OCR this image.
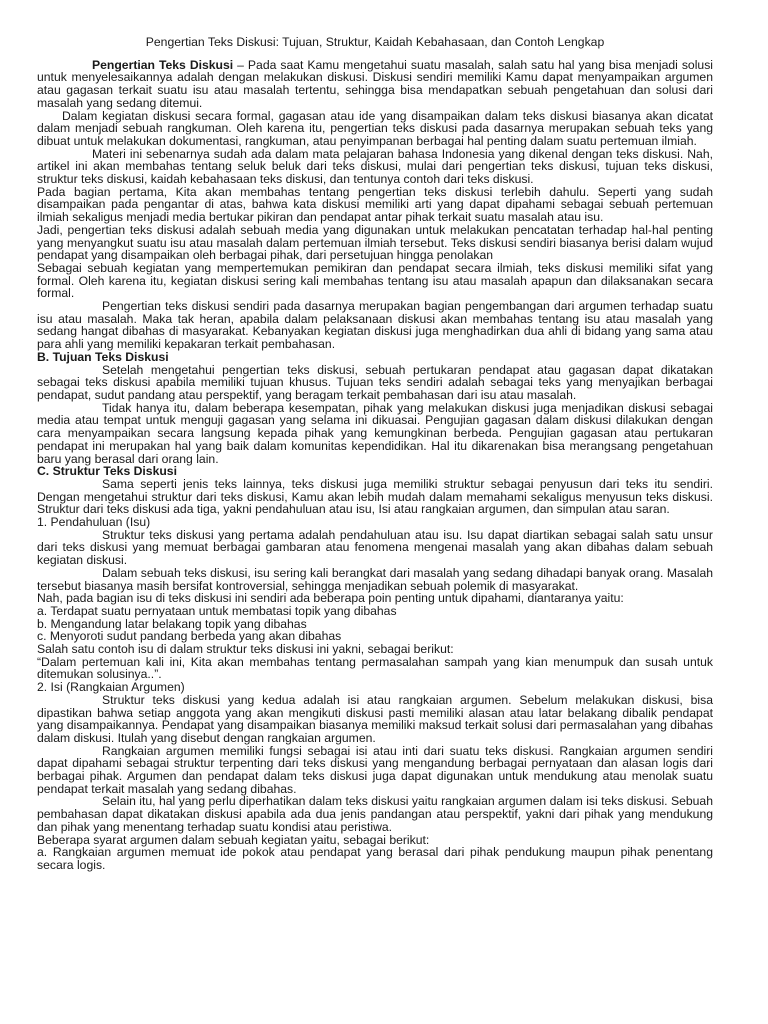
Pengertian Teks Diskusi: Tujuan, Struktur, Kaidah Kebahasaan, dan Contoh Lengkap

Pengertian Teks Diskusi – Pada saat Kamu mengetahui suatu masalah, salah satu hal yang bisa menjadi solusi untuk menyelesaikannya adalah dengan melakukan diskusi. Diskusi sendiri memiliki Kamu dapat menyampaikan argumen atau gagasan terkait suatu isu atau masalah tertentu, sehingga bisa mendapatkan sebuah pengetahuan dan solusi dari masalah yang sedang ditemui.

Dalam kegiatan diskusi secara formal, gagasan atau ide yang disampaikan dalam teks diskusi biasanya akan dicatat dalam menjadi sebuah rangkuman. Oleh karena itu, pengertian teks diskusi pada dasarnya merupakan sebuah teks yang dibuat untuk melakukan dokumentasi, rangkuman, atau penyimpanan berbagai hal penting dalam suatu pertemuan ilmiah.

Materi ini sebenarnya sudah ada dalam mata pelajaran bahasa Indonesia yang dikenal dengan teks diskusi. Nah, artikel ini akan membahas tentang seluk beluk dari teks diskusi, mulai dari pengertian teks diskusi, tujuan teks diskusi, struktur teks diskusi, kaidah kebahasaan teks diskusi, dan tentunya contoh dari teks diskusi.

Pada bagian pertama, Kita akan membahas tentang pengertian teks diskusi terlebih dahulu. Seperti yang sudah disampaikan pada pengantar di atas, bahwa kata diskusi memiliki arti yang dapat dipahami sebagai sebuah pertemuan ilmiah sekaligus menjadi media bertukar pikiran dan pendapat antar pihak terkait suatu masalah atau isu.

Jadi, pengertian teks diskusi adalah sebuah media yang digunakan untuk melakukan pencatatan terhadap hal-hal penting yang menyangkut suatu isu atau masalah dalam pertemuan ilmiah tersebut. Teks diskusi sendiri biasanya berisi dalam wujud pendapat yang disampaikan oleh berbagai pihak, dari persetujuan hingga penolakan

Sebagai sebuah kegiatan yang mempertemukan pemikiran dan pendapat secara ilmiah, teks diskusi memiliki sifat yang formal. Oleh karena itu, kegiatan diskusi sering kali membahas tentang isu atau masalah apapun dan dilaksanakan secara formal.

Pengertian teks diskusi sendiri pada dasarnya merupakan bagian pengembangan dari argumen terhadap suatu isu atau masalah. Maka tak heran, apabila dalam pelaksanaan diskusi akan membahas tentang isu atau masalah yang sedang hangat dibahas di masyarakat. Kebanyakan kegiatan diskusi juga menghadirkan dua ahli di bidang yang sama atau para ahli yang memiliki kepakaran terkait pembahasan.

B. Tujuan Teks Diskusi

Setelah mengetahui pengertian teks diskusi, sebuah pertukaran pendapat atau gagasan dapat dikatakan sebagai teks diskusi apabila memiliki tujuan khusus. Tujuan teks sendiri adalah sebagai teks yang menyajikan berbagai pendapat, sudut pandang atau perspektif, yang beragam terkait pembahasan dari isu atau masalah.

Tidak hanya itu, dalam beberapa kesempatan, pihak yang melakukan diskusi juga menjadikan diskusi sebagai media atau tempat untuk menguji gagasan yang selama ini dikuasai. Pengujian gagasan dalam diskusi dilakukan dengan cara menyampaikan secara langsung kepada pihak yang kemungkinan berbeda. Pengujian gagasan atau pertukaran pendapat ini merupakan hal yang baik dalam komunitas kependidikan. Hal itu dikarenakan bisa merangsang pengetahuan baru yang berasal dari orang lain.

C. Struktur Teks Diskusi

Sama seperti jenis teks lainnya, teks diskusi juga memiliki struktur sebagai penyusun dari teks itu sendiri. Dengan mengetahui struktur dari teks diskusi, Kamu akan lebih mudah dalam memahami sekaligus menyusun teks diskusi. Struktur dari teks diskusi ada tiga, yakni pendahuluan atau isu, Isi atau rangkaian argumen, dan simpulan atau saran.

1. Pendahuluan (Isu)

Struktur teks diskusi yang pertama adalah pendahuluan atau isu. Isu dapat diartikan sebagai salah satu unsur dari teks diskusi yang memuat berbagai gambaran atau fenomena mengenai masalah yang akan dibahas dalam sebuah kegiatan diskusi.

Dalam sebuah teks diskusi, isu sering kali berangkat dari masalah yang sedang dihadapi banyak orang. Masalah tersebut biasanya masih bersifat kontroversial, sehingga menjadikan sebuah polemik di masyarakat.

Nah, pada bagian isu di teks diskusi ini sendiri ada beberapa poin penting untuk dipahami, diantaranya yaitu:

a. Terdapat suatu pernyataan untuk membatasi topik yang dibahas
b. Mengandung latar belakang topik yang dibahas
c. Menyoroti sudut pandang berbeda yang akan dibahas

Salah satu contoh isu di dalam struktur teks diskusi ini yakni, sebagai berikut:

“Dalam pertemuan kali ini, Kita akan membahas tentang permasalahan sampah yang kian menumpuk dan susah untuk ditemukan solusinya..”.

2. Isi (Rangkaian Argumen)

Struktur teks diskusi yang kedua adalah isi atau rangkaian argumen. Sebelum melakukan diskusi, bisa dipastikan bahwa setiap anggota yang akan mengikuti diskusi pasti memiliki alasan atau latar belakang dibalik pendapat yang disampaikannya. Pendapat yang disampaikan biasanya memiliki maksud terkait solusi dari permasalahan yang dibahas dalam diskusi. Itulah yang disebut dengan rangkaian argumen.

Rangkaian argumen memiliki fungsi sebagai isi atau inti dari suatu teks diskusi. Rangkaian argumen sendiri dapat dipahami sebagai struktur terpenting dari teks diskusi yang mengandung berbagai pernyataan dan alasan logis dari berbagai pihak. Argumen dan pendapat dalam teks diskusi juga dapat digunakan untuk mendukung atau menolak suatu pendapat terkait masalah yang sedang dibahas.

Selain itu, hal yang perlu diperhatikan dalam teks diskusi yaitu rangkaian argumen dalam isi teks diskusi. Sebuah pembahasan dapat dikatakan diskusi apabila ada dua jenis pandangan atau perspektif, yakni dari pihak yang mendukung dan pihak yang menentang terhadap suatu kondisi atau peristiwa.

Beberapa syarat argumen dalam sebuah kegiatan yaitu, sebagai berikut:

a. Rangkaian argumen memuat ide pokok atau pendapat yang berasal dari pihak pendukung maupun pihak penentang secara logis.
